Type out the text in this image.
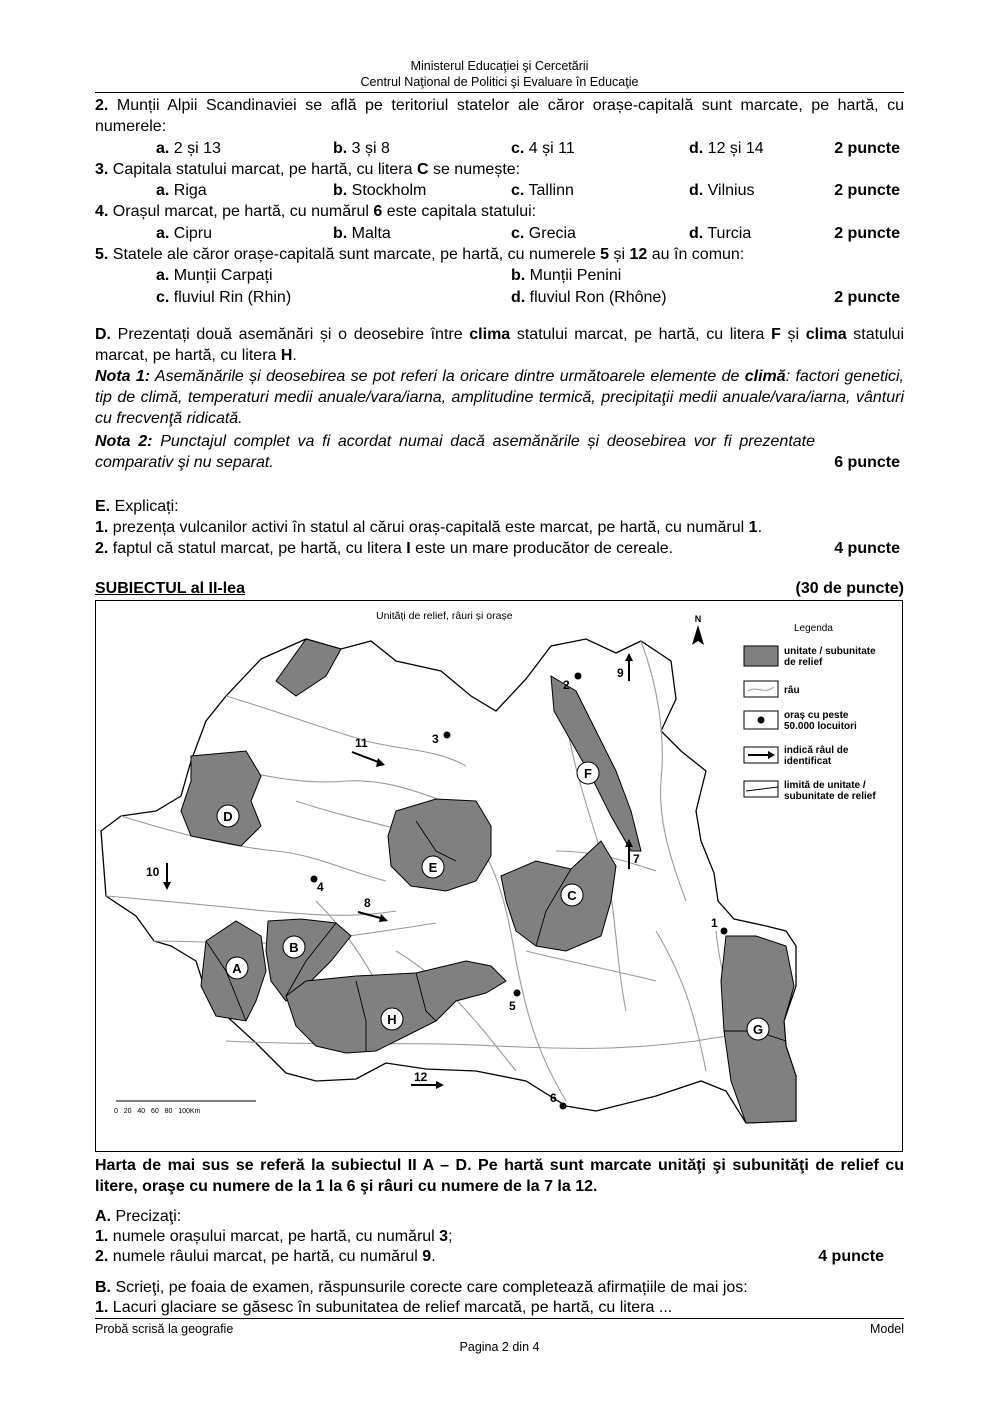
Ministerul Educaţiei şi Cercetării
Centrul Naţional de Politici şi Evaluare în Educaţie
2. Munții Alpii Scandinaviei se află pe teritoriul statelor ale căror orașe-capitală sunt marcate, pe hartă, cu numerele:
a. 2 și 13	b. 3 și 8	c. 4 și 11	d. 12 și 14	2 puncte
3. Capitala statului marcat, pe hartă, cu litera C se numește:
a. Riga	b. Stockholm	c. Tallinn	d. Vilnius	2 puncte
4. Orașul marcat, pe hartă, cu numărul 6 este capitala statului:
a. Cipru	b. Malta	c. Grecia	d. Turcia	2 puncte
5. Statele ale căror orașe-capitală sunt marcate, pe hartă, cu numerele 5 și 12 au în comun:
a. Munții Carpați	b. Munții Penini
c. fluviul Rin (Rhin)	d. fluviul Ron (Rhône)	2 puncte
D. Prezentați două asemănări și o deosebire între clima statului marcat, pe hartă, cu litera F și clima statului marcat, pe hartă, cu litera H.
Nota 1: Asemănările și deosebirea se pot referi la oricare dintre următoarele elemente de climă: factori genetici, tip de climă, temperaturi medii anuale/vara/iarna, amplitudine termică, precipitaţii medii anuale/vara/iarna, vânturi cu frecvenţă ridicată.
Nota 2: Punctajul complet va fi acordat numai dacă asemănările și deosebirea vor fi prezentate comparativ şi nu separat.	6 puncte
E. Explicați:
1. prezența vulcanilor activi în statul al cărui oraș-capitală este marcat, pe hartă, cu numărul 1.
2. faptul că statul marcat, pe hartă, cu litera I este un mare producător de cereale.	4 puncte
SUBIECTUL al II-lea	(30 de puncte)
A
B
C
D
E
F
G
H
1
2
3
4
5
6
7
8
9
10
11
12
Unități de relief, râuri și orașe	N
Legenda
unitate / subunitate de relief
râu
oraș cu peste 50.000 locuitori
indică râul de identificat
limită de unitate / subunitate de relief
0   20   40   60   80   100Km
Harta de mai sus se referă la subiectul II A – D. Pe hartă sunt marcate unităţi şi subunităţi de relief cu litere, oraşe cu numere de la 1 la 6 şi râuri cu numere de la 7 la 12.
A. Precizaţi:
1. numele orașului marcat, pe hartă, cu numărul 3;
2. numele râului marcat, pe hartă, cu numărul 9.	4 puncte
B. Scrieţi, pe foaia de examen, răspunsurile corecte care completează afirmațiile de mai jos:
1. Lacuri glaciare se găsesc în subunitatea de relief marcată, pe hartă, cu litera ...
Probă scrisă la geografie	Model
Pagina 2 din 4
